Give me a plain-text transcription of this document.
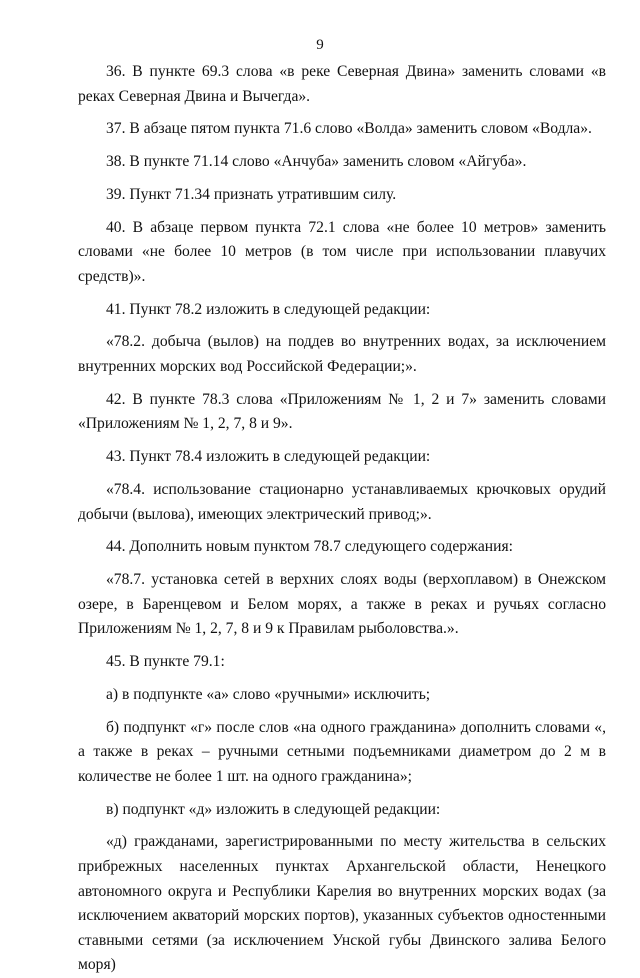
9

36. В пункте 69.3 слова «в реке Северная Двина» заменить словами «в реках Северная Двина и Вычегда».

37. В абзаце пятом пункта 71.6 слово «Волда» заменить словом «Водла».

38. В пункте 71.14 слово «Анчуба» заменить словом «Айгуба».

39. Пункт 71.34 признать утратившим силу.

40. В абзаце первом пункта 72.1 слова «не более 10 метров» заменить словами «не более 10 метров (в том числе при использовании плавучих средств)».

41. Пункт 78.2 изложить в следующей редакции:

«78.2. добыча (вылов) на поддев во внутренних водах, за исключением внутренних морских вод Российской Федерации;».

42. В пункте 78.3 слова «Приложениям № 1, 2 и 7» заменить словами «Приложениям № 1, 2, 7, 8 и 9».

43. Пункт 78.4 изложить в следующей редакции:

«78.4. использование стационарно устанавливаемых крючковых орудий добычи (вылова), имеющих электрический привод;».

44. Дополнить новым пунктом 78.7 следующего содержания:

«78.7. установка сетей в верхних слоях воды (верхоплавом) в Онежском озере, в Баренцевом и Белом морях, а также в реках и ручьях согласно Приложениям № 1, 2, 7, 8 и 9 к Правилам рыболовства.».

45. В пункте 79.1:

а) в подпункте «а» слово «ручными» исключить;

б) подпункт «г» после слов «на одного гражданина» дополнить словами «, а также в реках – ручными сетными подъемниками диаметром до 2 м в количестве не более 1 шт. на одного гражданина»;

в) подпункт «д» изложить в следующей редакции:

«д) гражданами, зарегистрированными по месту жительства в сельских прибрежных населенных пунктах Архангельской области, Ненецкого автономного округа и Республики Карелия во внутренних морских водах (за исключением акваторий морских портов), указанных субъектов одностенными ставными сетями (за исключением Унской губы Двинского залива Белого моря)
